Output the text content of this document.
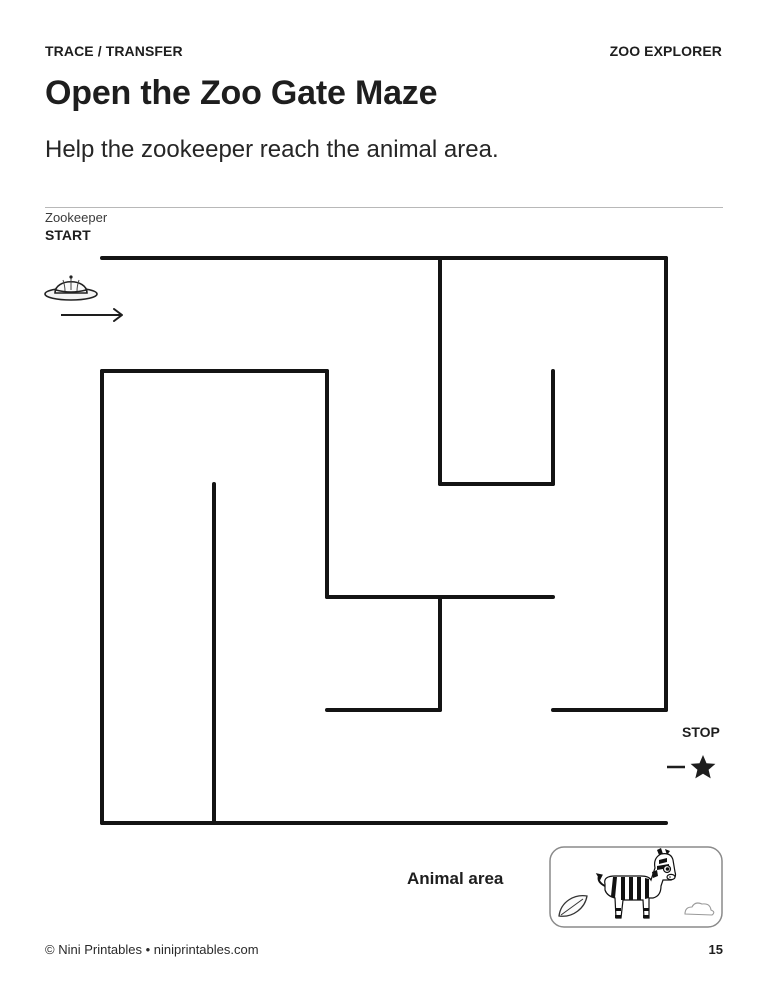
TRACE / TRANSFER	ZOO EXPLORER
Open the Zoo Gate Maze

Help the zookeeper reach the animal area.

Zookeeper
START
STOP
Animal area
© Nini Printables • niniprintables.com	15
